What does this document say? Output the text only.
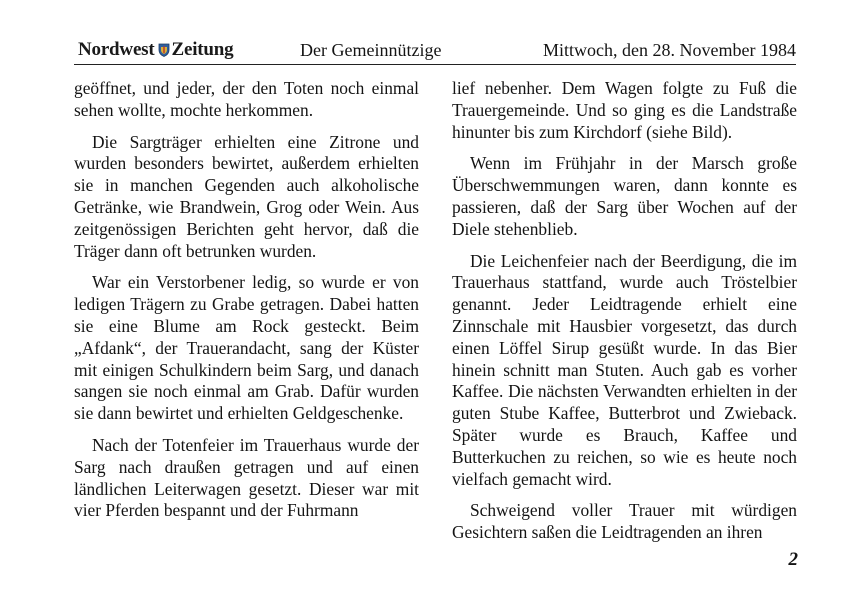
Nordwest Zeitung	Der Gemeinnützige	Mittwoch, den 28. November 1984

geöffnet, und jeder, der den Toten noch einmal sehen wollte, mochte herkommen.

Die Sargträger erhielten eine Zitrone und wurden besonders bewirtet, außerdem erhielten sie in manchen Gegenden auch alkoholische Getränke, wie Brandwein, Grog oder Wein. Aus zeitgenössigen Berichten geht hervor, daß die Träger dann oft betrunken wurden.

War ein Verstorbener ledig, so wurde er von ledigen Trägern zu Grabe getragen. Dabei hatten sie eine Blume am Rock gesteckt. Beim „Afdank“, der Trauerandacht, sang der Küster mit einigen Schulkindern beim Sarg, und danach sangen sie noch einmal am Grab. Dafür wurden sie dann bewirtet und erhielten Geldgeschenke.

Nach der Totenfeier im Trauerhaus wurde der Sarg nach draußen getragen und auf einen ländlichen Leiterwagen gesetzt. Dieser war mit vier Pferden bespannt und der Fuhrmann

lief nebenher. Dem Wagen folgte zu Fuß die Trauergemeinde. Und so ging es die Landstraße hinunter bis zum Kirchdorf (siehe Bild).

Wenn im Frühjahr in der Marsch große Überschwemmungen waren, dann konnte es passieren, daß der Sarg über Wochen auf der Diele stehenblieb.

Die Leichenfeier nach der Beerdigung, die im Trauerhaus stattfand, wurde auch Tröstelbier genannt. Jeder Leidtragende erhielt eine Zinnschale mit Hausbier vorgesetzt, das durch einen Löffel Sirup gesüßt wurde. In das Bier hinein schnitt man Stuten. Auch gab es vorher Kaffee. Die nächsten Verwandten erhielten in der guten Stube Kaffee, Butterbrot und Zwieback. Später wurde es Brauch, Kaffee und Butterkuchen zu reichen, so wie es heute noch vielfach gemacht wird.

Schweigend voller Trauer mit würdigen Gesichtern saßen die Leidtragenden an ihren

2
